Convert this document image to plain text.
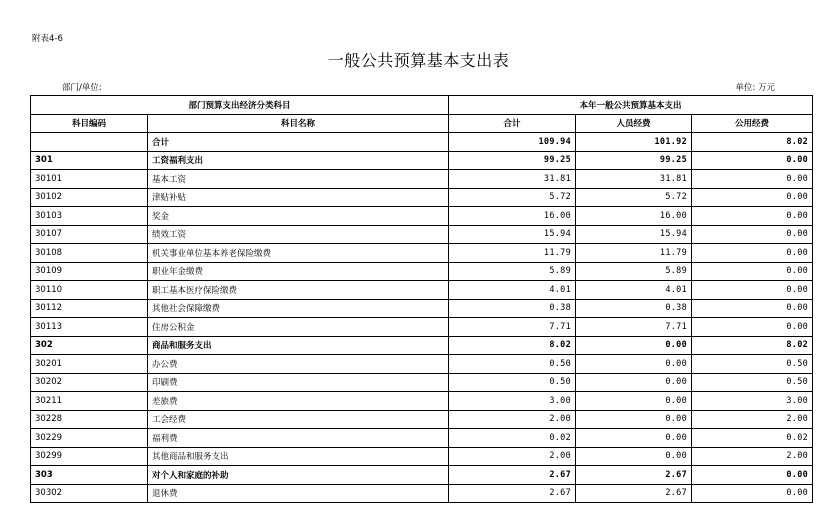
附表4-6
一般公共预算基本支出表
部门/单位:	单位: 万元
部门预算支出经济分类科目		本年一般公共预算基本支出		
科目编码	科目名称	合计	人员经费	公用经费
	合计	109.94	101.92	8.02
301	工资福利支出	99.25	99.25	0.00
30101	基本工资	31.81	31.81	0.00
30102	津贴补贴	5.72	5.72	0.00
30103	奖金	16.00	16.00	0.00
30107	绩效工资	15.94	15.94	0.00
30108	机关事业单位基本养老保险缴费	11.79	11.79	0.00
30109	职业年金缴费	5.89	5.89	0.00
30110	职工基本医疗保险缴费	4.01	4.01	0.00
30112	其他社会保障缴费	0.38	0.38	0.00
30113	住房公积金	7.71	7.71	0.00
302	商品和服务支出	8.02	0.00	8.02
30201	办公费	0.50	0.00	0.50
30202	印刷费	0.50	0.00	0.50
30211	差旅费	3.00	0.00	3.00
30228	工会经费	2.00	0.00	2.00
30229	福利费	0.02	0.00	0.02
30299	其他商品和服务支出	2.00	0.00	2.00
303	对个人和家庭的补助	2.67	2.67	0.00
30302	退休费	2.67	2.67	0.00
